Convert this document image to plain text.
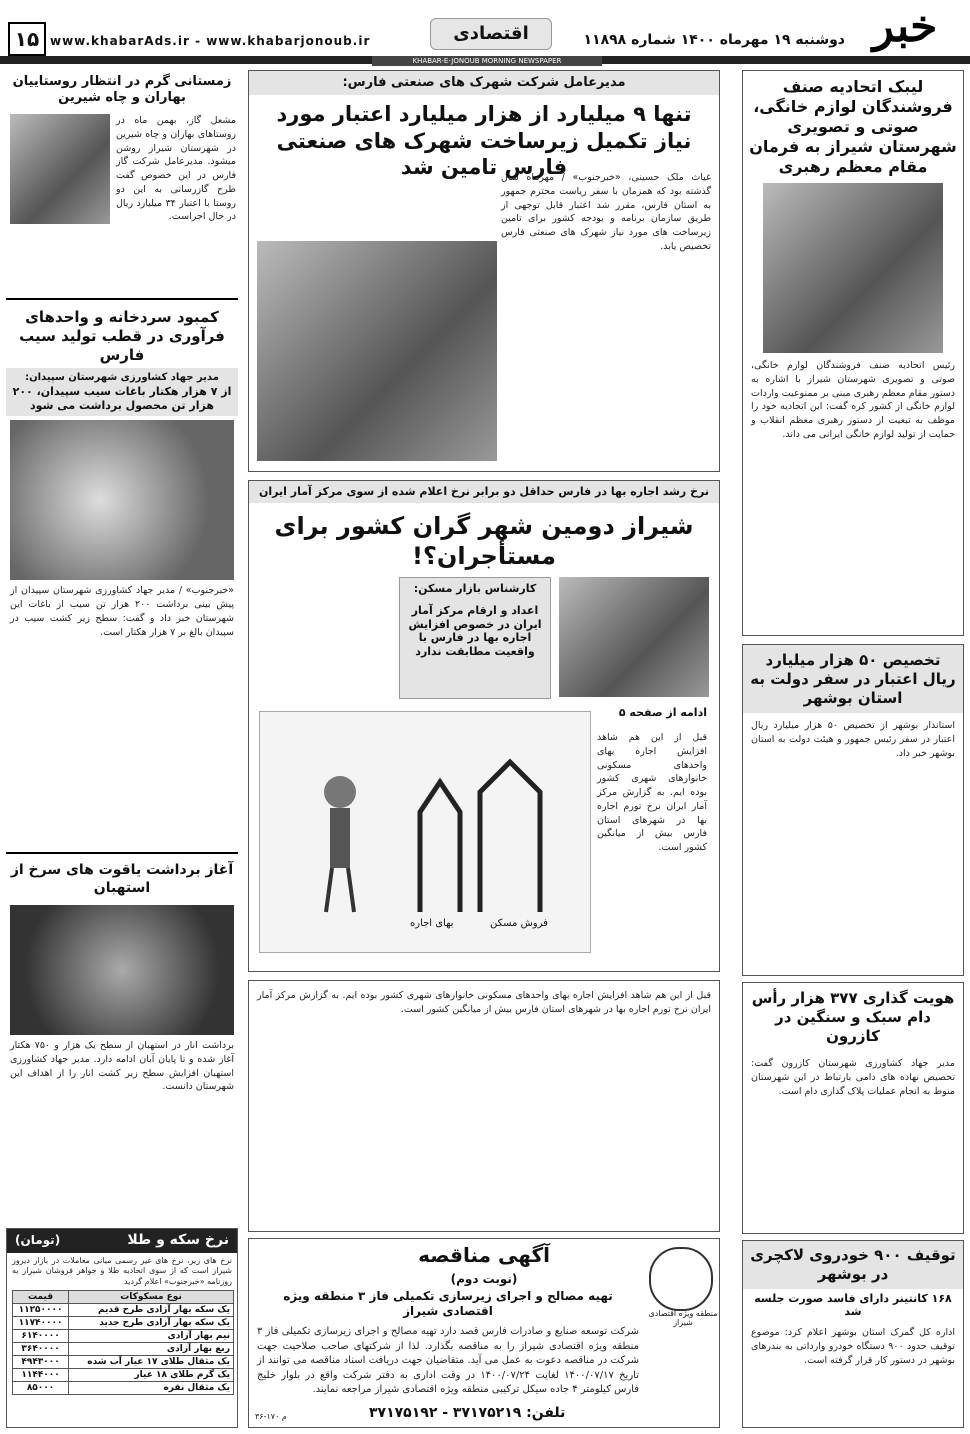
خبر
دوشنبه ۱۹ مهرماه ۱۴۰۰ شماره ۱۱۸۹۸
اقتصادی
www.khabarAds.ir - www.khabarjonoub.ir
۱۵
KHABAR-E-JONOUB MORNING NEWSPAPER
لیبک اتحادیه صنف فروشندگان لوازم خانگی، صوتی و تصویری شهرستان شیراز به فرمان مقام معظم رهبری
رئیس اتحادیه صنف فروشندگان لوازم خانگی، صوتی و تصویری شهرستان شیراز با اشاره به دستور مقام معظم رهبری مبنی بر ممنوعیت واردات لوازم خانگی از کشور کره گفت: این اتحادیه خود را موظف به تبعیت از دستور رهبری معظم انقلاب و حمایت از تولید لوازم خانگی ایرانی می داند.
تخصیص ۵۰ هزار میلیارد ریال اعتبار در سفر دولت به استان بوشهر
استاندار بوشهر از تخصیص ۵۰ هزار میلیارد ریال اعتبار در سفر رئیس جمهور و هیئت دولت به استان بوشهر خبر داد.
هویت گذاری ۳۷۷ هزار رأس دام سبک و سنگین در کازرون
مدیر جهاد کشاورزی شهرستان کازرون گفت: تخصیص نهاده های دامی بارتباط در این شهرستان منوط به انجام عملیات پلاک گذاری دام است.
توقیف ۹۰۰ خودروی لاکچری در بوشهر
۱۶۸ کانتینر دارای فاسد صورت جلسه شد
اداره کل گمرک استان بوشهر اعلام کرد: موضوع توقیف حدود ۹۰۰ دستگاه خودرو وارداتی به بندرهای بوشهر در دستور کار قرار گرفته است.
مدیرعامل شرکت شهرک های صنعتی فارس:
تنها ۹ میلیارد از هزار میلیارد اعتبار مورد نیاز تکمیل زیرساخت شهرک های صنعتی فارس تامین شد
غیاث ملک حسینی، «خبرجنوب» / مهرماه سال گذشته بود که همزمان با سفر ریاست محترم جمهور به استان فارس، مقرر شد اعتبار قابل توجهی از طریق سازمان برنامه و بودجه کشور برای تامین زیرساخت های مورد نیاز شهرک های صنعتی فارس تخصیص یابد.
نرخ رشد اجاره بها در فارس حداقل دو برابر نرخ اعلام شده از سوی مرکز آمار ایران
شیراز دومین شهر گران کشور برای مستأجران؟!
کارشناس بازار مسکن:
اعداد و ارقام مرکز آمار ایران در خصوص افزایش اجاره بها در فارس با واقعیت مطابقت ندارد
ادامه از صفحه ۵
بهای اجاره	فروش مسکن
قبل از این هم شاهد افزایش اجاره بهای واحدهای مسکونی خانوارهای شهری کشور بوده ایم. به گزارش مرکز آمار ایران نرخ تورم اجاره بها در شهرهای استان فارس بیش از میانگین کشور است.
قبل از این هم شاهد افزایش اجاره بهای واحدهای مسکونی خانوارهای شهری کشور بوده ایم. به گزارش مرکز آمار ایران نرخ تورم اجاره بها در شهرهای استان فارس بیش از میانگین کشور است.
منطقه ویژه اقتصادی شیراز
آگهی مناقصه
(نوبت دوم)
تهیه مصالح و اجرای زیرسازی تکمیلی فاز ۳ منطقه ویژه اقتصادی شیراز
شرکت توسعه صنایع و صادرات فارس قصد دارد تهیه مصالح و اجرای زیرسازی تکمیلی فاز ۳ منطقه ویژه اقتصادی شیراز را به مناقصه بگذارد. لذا از شرکتهای صاحب صلاحیت جهت شرکت در مناقصه دعوت به عمل می آید. متقاضیان جهت دریافت اسناد مناقصه می توانند از تاریخ ۱۴۰۰/۰۷/۱۷ لغایت ۱۴۰۰/۰۷/۲۴ در وقت اداری به دفتر شرکت واقع در بلوار خلیج فارس کیلومتر ۴ جاده سیکل ترکیبی منطقه ویژه اقتصادی شیراز مراجعه نمایند.
تلفن: ۳۷۱۷۵۲۱۹ - ۳۷۱۷۵۱۹۲
م ۱۷۰-۳۶
زمستانی گرم در انتظار روستاییان بهاران و چاه شیرین
مشعل گاز، بهمن ماه در روستاهای بهاران و چاه شیرین در شهرستان شیراز روشن میشود. مدیرعامل شرکت گاز فارس در این خصوص گفت طرح گازرسانی به این دو روستا با اعتبار ۳۴ میلیارد ریال در حال اجراست.
کمبود سردخانه و واحدهای فرآوری در قطب تولید سیب فارس
مدیر جهاد کشاورزی شهرستان سپیدان:
از ۷ هزار هکتار باغات سیب سپیدان، ۲۰۰ هزار تن محصول برداشت می شود
«خبرجنوب» / مدیر جهاد کشاورزی شهرستان سپیدان از پیش بینی برداشت ۲۰۰ هزار تن سیب از باغات این شهرستان خبر داد و گفت: سطح زیر کشت سیب در سپیدان بالغ بر ۷ هزار هکتار است.
آغاز برداشت یاقوت های سرخ از استهبان
برداشت انار در استهبان از سطح یک هزار و ۷۵۰ هکتار آغاز شده و تا پایان آبان ادامه دارد. مدیر جهاد کشاورزی استهبان افزایش سطح زیر کشت انار را از اهداف این شهرستان دانست.
نرخ سکه و طلا
(تومان)
نرخ های زیر، نرخ های غیر رسمی میانی معاملات در بازار دیروز شیراز است که از سوی اتحادیه طلا و جواهر فروشان شیراز به روزنامه «خبرجنوب» اعلام گردید
نوع مسکوکات	قیمت
یک سکه بهار آزادی طرح قدیم	۱۱۲۵۰۰۰۰
یک سکه بهار آزادی طرح جدید	۱۱۷۴۰۰۰۰
نیم بهار آزادی	۶۱۴۰۰۰۰
ربع بهار آزادی	۳۶۴۰۰۰۰
یک مثقال طلای ۱۷ عیار آب شده	۴۹۴۳۰۰۰
یک گرم طلای ۱۸ عیار	۱۱۴۴۰۰۰
یک مثقال نقره	۸۵۰۰۰
